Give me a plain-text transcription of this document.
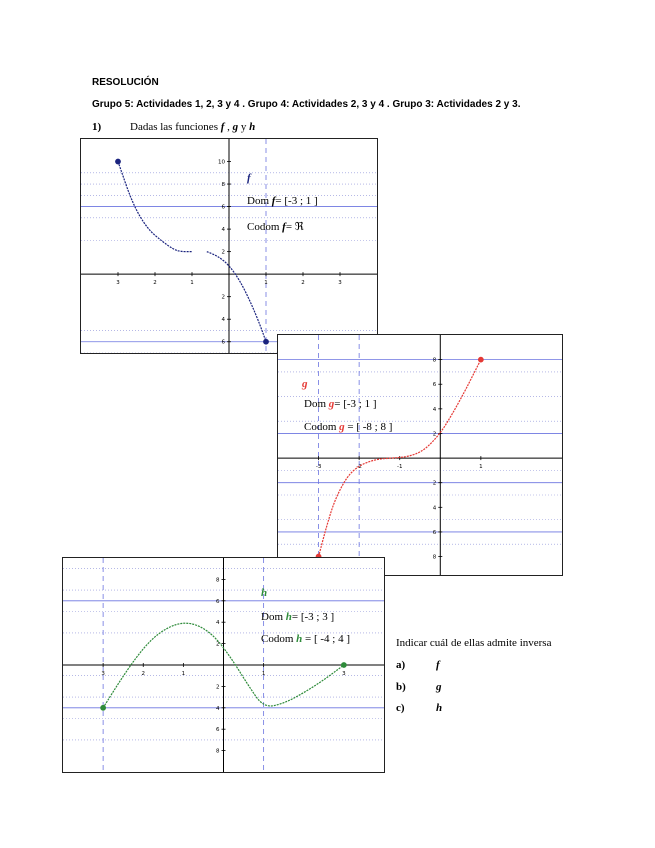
RESOLUCIÓN
Grupo 5: Actividades 1, 2, 3 y 4 . Grupo 4: Actividades 2, 3 y 4 . Grupo 3: Actividades 2 y 3.
1)	Dadas las funciones f , g y h
3	2	1	1	2	3
10
8
6
4
2
2
4
6
f
Dom f= [-3 ; 1 ]
Codom f= ℜ
-3	-2	-1	1
8
6
4
2
2
4
6
8
g
Dom g= [-3 ; 1 ]
Codom g = [ -8 ; 8 ]
3	2	1	1	3
8
6
4
2
2
4
6
8
h
Dom h= [-3 ; 3 ]
Codom h = [ -4 ; 4 ]	Indicar cuál de ellas admite inversa
a)	f
b)	g
c)	h
